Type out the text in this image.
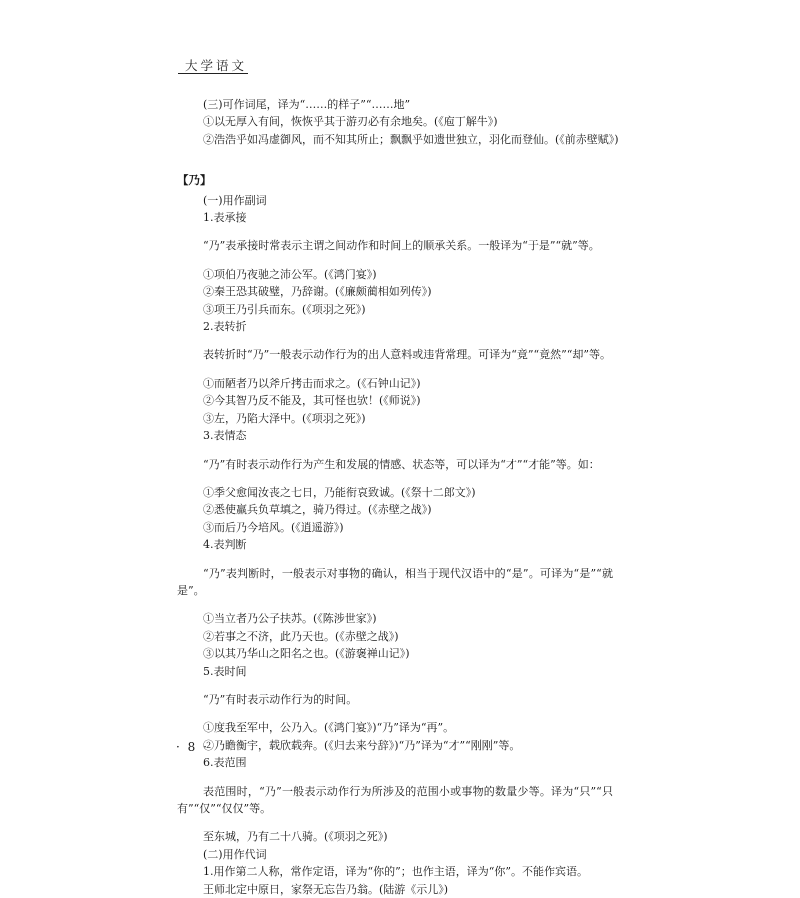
大学语文

(三)可作词尾，译为“……的样子”“……地”

①以无厚入有间，恢恢乎其于游刃必有余地矣。(《庖丁解牛》)

②浩浩乎如冯虚御风，而不知其所止；飘飘乎如遗世独立，羽化而登仙。(《前赤壁赋》)

【乃】

(一)用作副词

1.表承接

“乃”表承接时常表示主谓之间动作和时间上的顺承关系。一般译为“于是”“就”等。

①项伯乃夜驰之沛公军。(《鸿门宴》)

②秦王恐其破璧，乃辞谢。(《廉颇蔺相如列传》)

③项王乃引兵而东。(《项羽之死》)

2.表转折

表转折时“乃”一般表示动作行为的出人意料或违背常理。可译为“竟”“竟然”“却”等。

①而陋者乃以斧斤拷击而求之。(《石钟山记》)

②今其智乃反不能及，其可怪也欤！(《师说》)

③左，乃陷大泽中。(《项羽之死》)

3.表情态

“乃”有时表示动作行为产生和发展的情感、状态等，可以译为“才”“才能”等。如：

①季父愈闻汝丧之七日，乃能衔哀致诚。(《祭十二郎文》)

②悉使羸兵负草填之，骑乃得过。(《赤壁之战》)

③而后乃今培风。(《逍遥游》)

4.表判断

“乃”表判断时，一般表示对事物的确认，相当于现代汉语中的“是”。可译为“是”“就是”。

①当立者乃公子扶苏。(《陈涉世家》)

②若事之不济，此乃天也。(《赤壁之战》)

③以其乃华山之阳名之也。(《游褒禅山记》)

5.表时间

“乃”有时表示动作行为的时间。

①度我至军中，公乃入。(《鸿门宴》)“乃”译为“再”。

②乃瞻衡宇，载欣载奔。(《归去来兮辞》)“乃”译为“才”“刚刚”等。

6.表范围

表范围时，“乃”一般表示动作行为所涉及的范围小或事物的数量少等。译为“只”“只有”“仅”“仅仅”等。

至东城，乃有二十八骑。(《项羽之死》)

(二)用作代词

1.用作第二人称，常作定语，译为“你的”；也作主语，译为“你”。不能作宾语。

王师北定中原日，家祭无忘告乃翁。(陆游《示儿》)

· 8 ·
